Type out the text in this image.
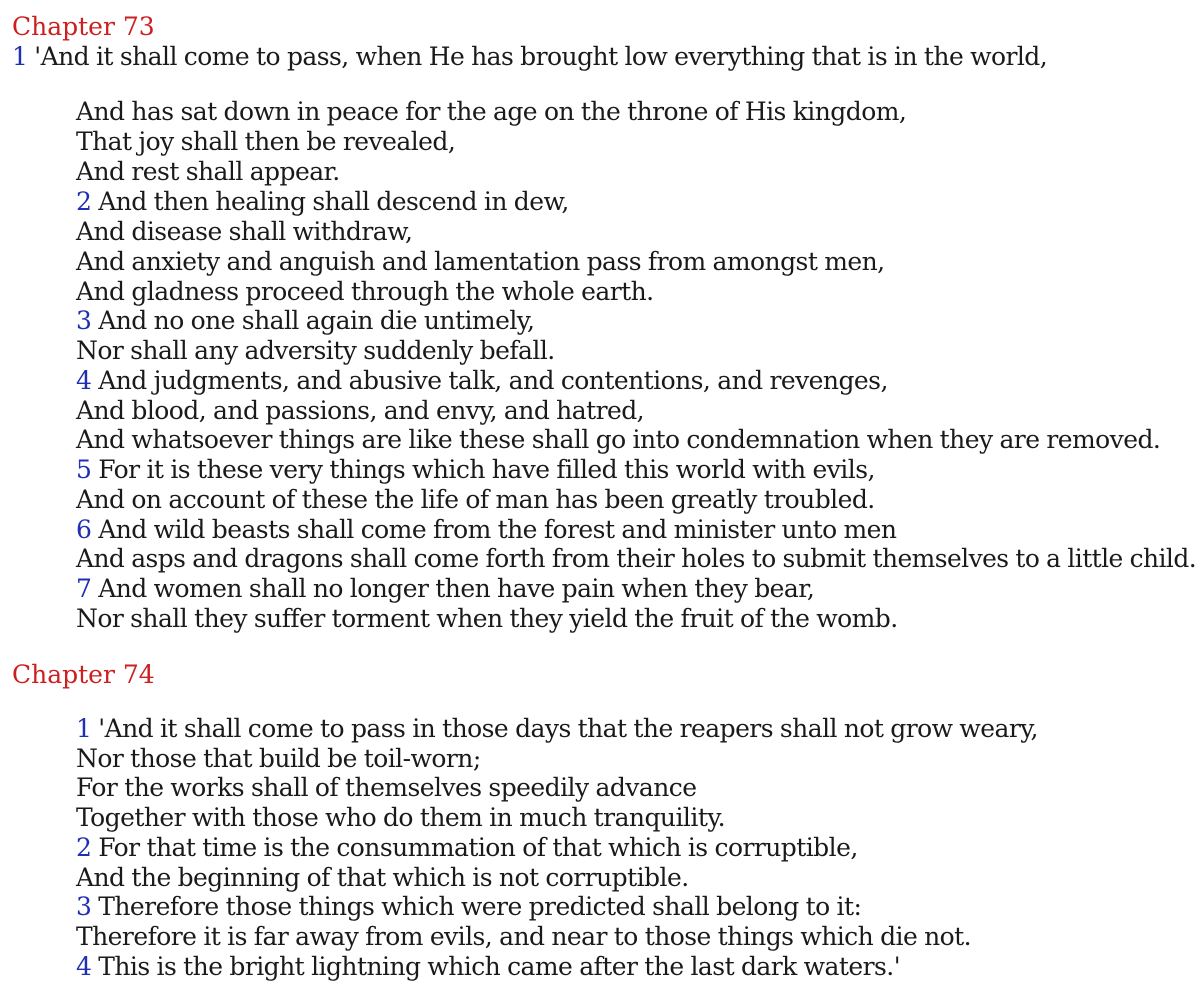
Chapter 73
1 'And it shall come to pass, when He has brought low everything that is in the world,
And has sat down in peace for the age on the throne of His kingdom,
That joy shall then be revealed,
And rest shall appear.
2 And then healing shall descend in dew,
And disease shall withdraw,
And anxiety and anguish and lamentation pass from amongst men,
And gladness proceed through the whole earth.
3 And no one shall again die untimely,
Nor shall any adversity suddenly befall.
4 And judgments, and abusive talk, and contentions, and revenges,
And blood, and passions, and envy, and hatred,
And whatsoever things are like these shall go into condemnation when they are removed.
5 For it is these very things which have filled this world with evils,
And on account of these the life of man has been greatly troubled.
6 And wild beasts shall come from the forest and minister unto men
And asps and dragons shall come forth from their holes to submit themselves to a little child.
7 And women shall no longer then have pain when they bear,
Nor shall they suffer torment when they yield the fruit of the womb.
Chapter 74
1 'And it shall come to pass in those days that the reapers shall not grow weary,
Nor those that build be toil-worn;
For the works shall of themselves speedily advance
Together with those who do them in much tranquility.
2 For that time is the consummation of that which is corruptible,
And the beginning of that which is not corruptible.
3 Therefore those things which were predicted shall belong to it:
Therefore it is far away from evils, and near to those things which die not.
4 This is the bright lightning which came after the last dark waters.'
